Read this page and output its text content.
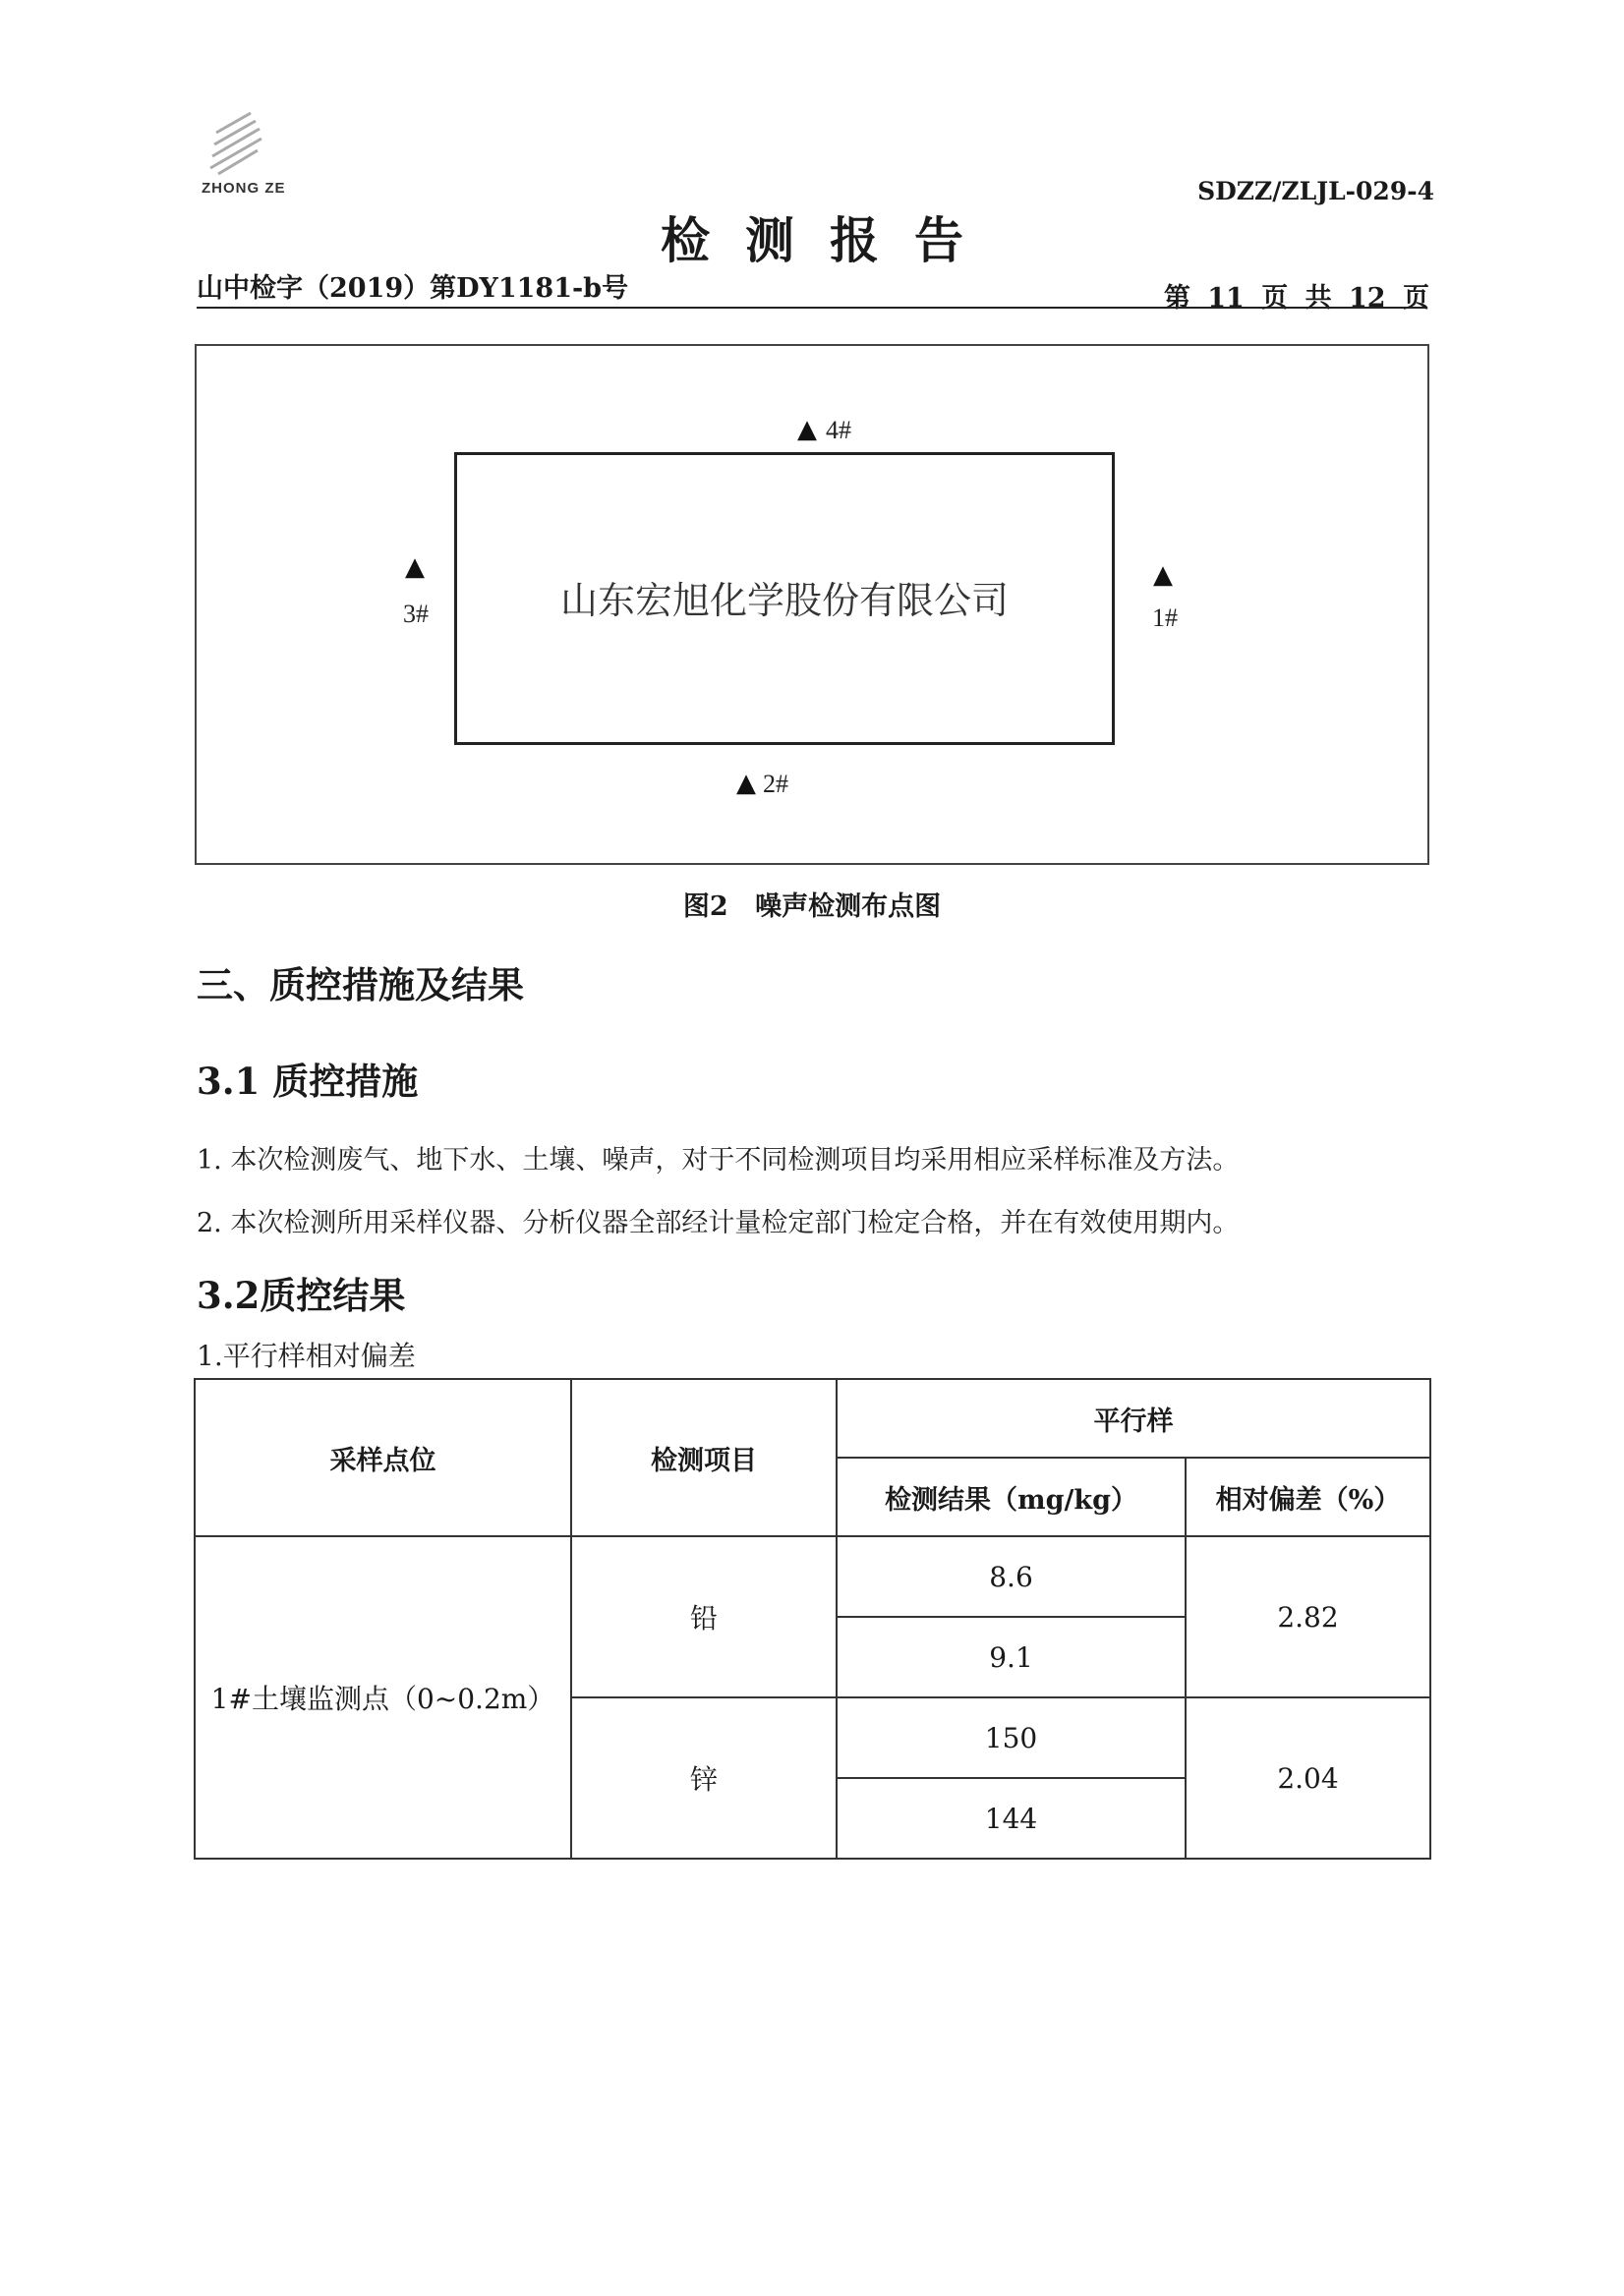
ZHONG ZE	SDZZ/ZLJL-029-4
检测报告
山中检字（2019）第DY1181-b号	第 11 页 共 12 页
山东宏旭化学股份有限公司
▲ 4#
▲
3#
▲
1#
▲ 2#
图2 噪声检测布点图
三、质控措施及结果
3.1 质控措施
1. 本次检测废气、地下水、土壤、噪声，对于不同检测项目均采用相应采样标准及方法。
2. 本次检测所用采样仪器、分析仪器全部经计量检定部门检定合格，并在有效使用期内。
3.2质控结果
1.平行样相对偏差
采样点位	检测项目	平行样	
		检测结果（mg/kg）	相对偏差（%）
1#土壤监测点（0~0.2m）	铅	8.6	2.82
		9.1	
	锌	150	2.04
		144	
